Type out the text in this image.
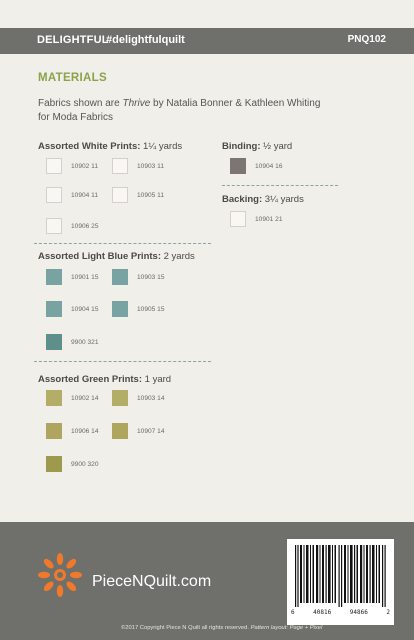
DELIGHTFUL
#delightfulquilt	PNQ102
MATERIALS
Fabrics shown are Thrive by Natalia Bonner & Kathleen Whiting
for Moda Fabrics
Assorted White Prints: 1¼ yards
10902 11	10903 11
10904 11	10905 11
10906 25
Assorted Light Blue Prints: 2 yards
10901 15	10903 15
10904 15	10905 15
9900 321
Assorted Green Prints: 1 yard
10902 14	10903 14
10906 14	10907 14
9900 320
Binding: ½ yard
10904 16
Backing: 3¼ yards
10901 21
PieceNQuilt.com
6	40816	94866	2
©2017 Copyright Piece N Quilt all rights reserved. Pattern layout: Page + Pixel
